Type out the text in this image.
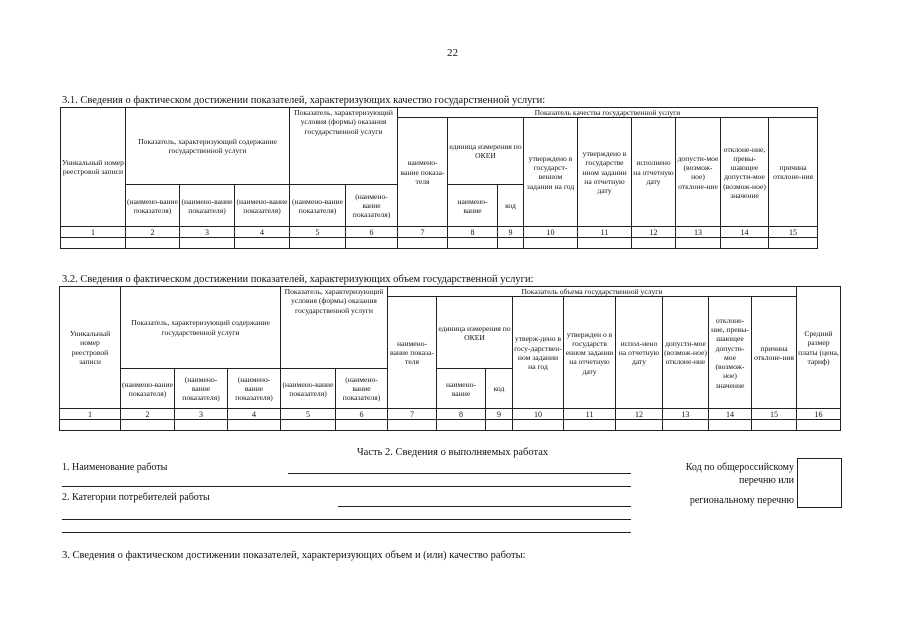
22
3.1. Сведения о фактическом достижении показателей, характеризующих качество государственной услуги:
Уникальный номер реестровой записи	Показатель, характеризующий содержание государственной услуги			Показатель, характеризующий условия (формы) оказания государственной услуги		Показатель качества государственной услуги								
						наимено-вание показа-теля	единица измерения по ОКЕИ		утверждено в государст-венном задании на год	утверждено в государстве нном задании на отчетную дату	исполнено на отчетную дату	допусти-мое (возмож-ное) отклоне-ние	отклоне-ние, превы-шающее допусти-мое (возмож-ное) значение	причина отклоне-ния
	(наимено-вание показателя)	(наимено-вание показателя)	(наимено-вание показателя)	(наимено-вание показателя)	(наимено-вание показателя)		наимено-вание	код						
1	2	3	4	5	6	7	8	9	10	11	12	13	14	15

3.2. Сведения о фактическом достижении показателей, характеризующих объем государственной услуги:
Уникальный номер реестровой записи	Показатель, характеризующий содержание государственной услуги			Показатель, характеризующий условия (формы) оказания государственной услуги		Показатель объема государственной услуги									Средний размер платы (цена, тариф)
						наимено-вание показа-теля	единица измерения по ОКЕИ		утверж-дено в госу-дарствен-ном задании на год	утвержден о в государств енном задании на отчетную дату	испол-нено на отчетную дату	допусти-мое (возмож-ное) отклоне-ние	отклоне-ние, превы-шающее допусти-мое (возмож-ное) значение	причина отклоне-ния	
	(наимено-вание показателя)	(наимено-вание показателя)	(наимено-вание показателя)	(наимено-вание показателя)	(наимено-вание показателя)		наимено-вание	код							
1	2	3	4	5	6	7	8	9	10	11	12	13	14	15	16

Часть 2. Сведения о выполняемых работах
1. Наименование работы
2. Категории потребителей работы
Код по общероссийскому
перечню или
региональному перечню
3. Сведения о фактическом достижении показателей, характеризующих объем и (или) качество работы:
